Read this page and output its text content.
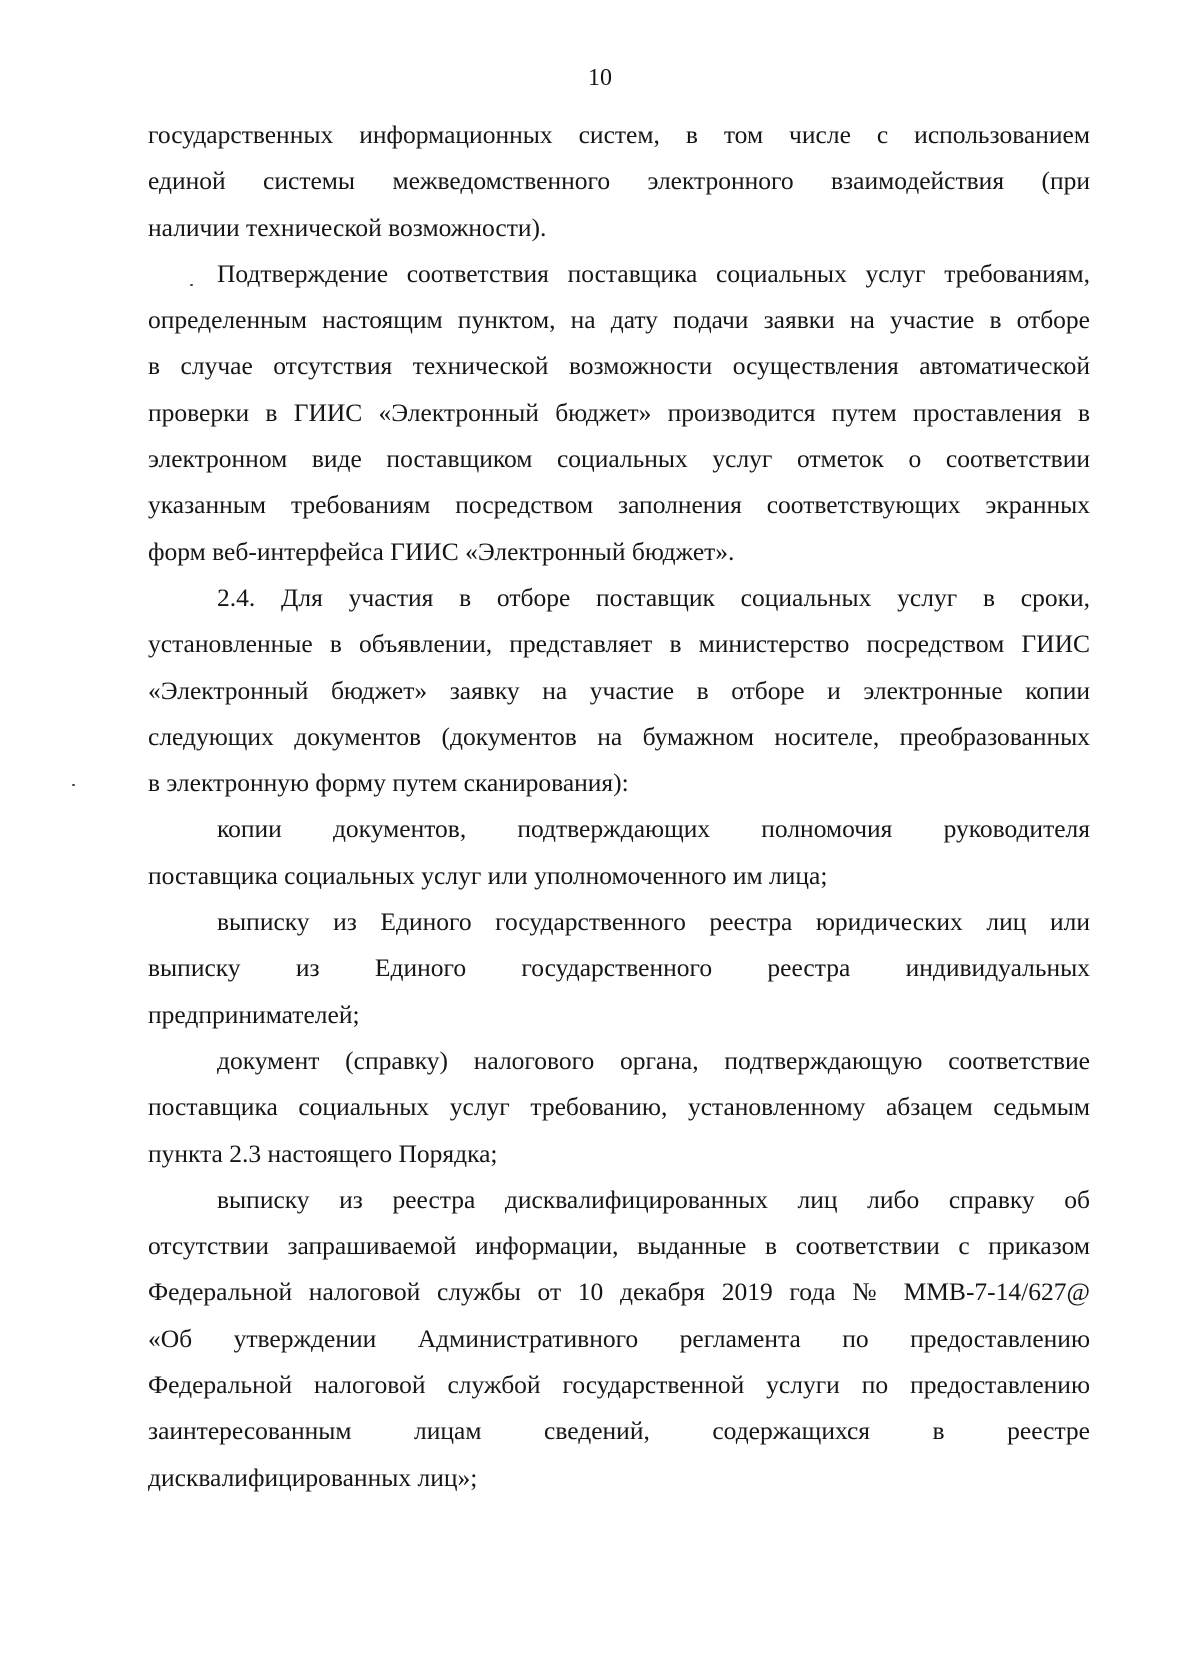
10
государственных информационных систем, в том числе с использованием
единой системы межведомственного электронного взаимодействия (при
наличии технической возможности).
Подтверждение соответствия поставщика социальных услуг требованиям,
определенным настоящим пунктом, на дату подачи заявки на участие в отборе
в случае отсутствия технической возможности осуществления автоматической
проверки в ГИИС «Электронный бюджет» производится путем проставления в
электронном виде поставщиком социальных услуг отметок о соответствии
указанным требованиям посредством заполнения соответствующих экранных
форм веб-интерфейса ГИИС «Электронный бюджет».
2.4. Для участия в отборе поставщик социальных услуг в сроки,
установленные в объявлении, представляет в министерство посредством ГИИС
«Электронный бюджет» заявку на участие в отборе и электронные копии
следующих документов (документов на бумажном носителе, преобразованных
в электронную форму путем сканирования):
копии документов, подтверждающих полномочия руководителя
поставщика социальных услуг или уполномоченного им лица;
выписку из Единого государственного реестра юридических лиц или
выписку из Единого государственного реестра индивидуальных
предпринимателей;
документ (справку) налогового органа, подтверждающую соответствие
поставщика социальных услуг требованию, установленному абзацем седьмым
пункта 2.3 настоящего Порядка;
выписку из реестра дисквалифицированных лиц либо справку об
отсутствии запрашиваемой информации, выданные в соответствии с приказом
Федеральной налоговой службы от 10 декабря 2019 года № ММВ-7-14/627@
«Об утверждении Административного регламента по предоставлению
Федеральной налоговой службой государственной услуги по предоставлению
заинтересованным лицам сведений, содержащихся в реестре
дисквалифицированных лиц»;
